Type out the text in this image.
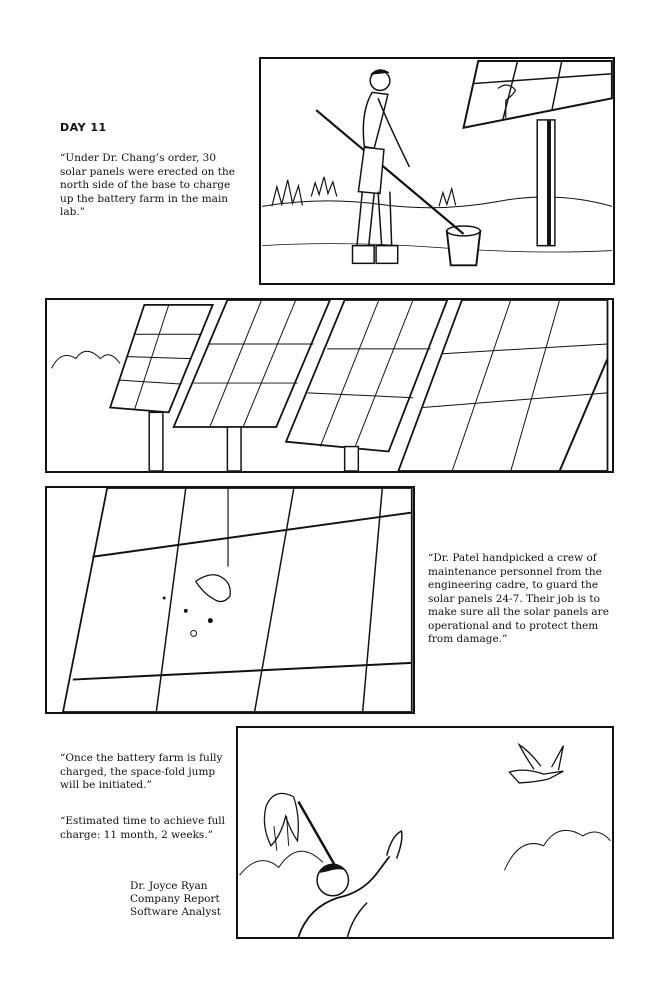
DAY 11

“Under Dr. Chang’s order, 30 solar panels were erected on the north side of the base to charge up the battery farm in the main lab.”

“Dr. Patel handpicked a crew of maintenance personnel from the engineering cadre, to guard the solar panels 24-7. Their job is to make sure all the solar panels are operational and to protect them from damage.”

“Once the battery farm is fully charged, the space-fold jump will be initiated.”

“Estimated time to achieve full charge: 11 month, 2 weeks.”

Dr. Joyce Ryan
Company Report
Software Analyst
